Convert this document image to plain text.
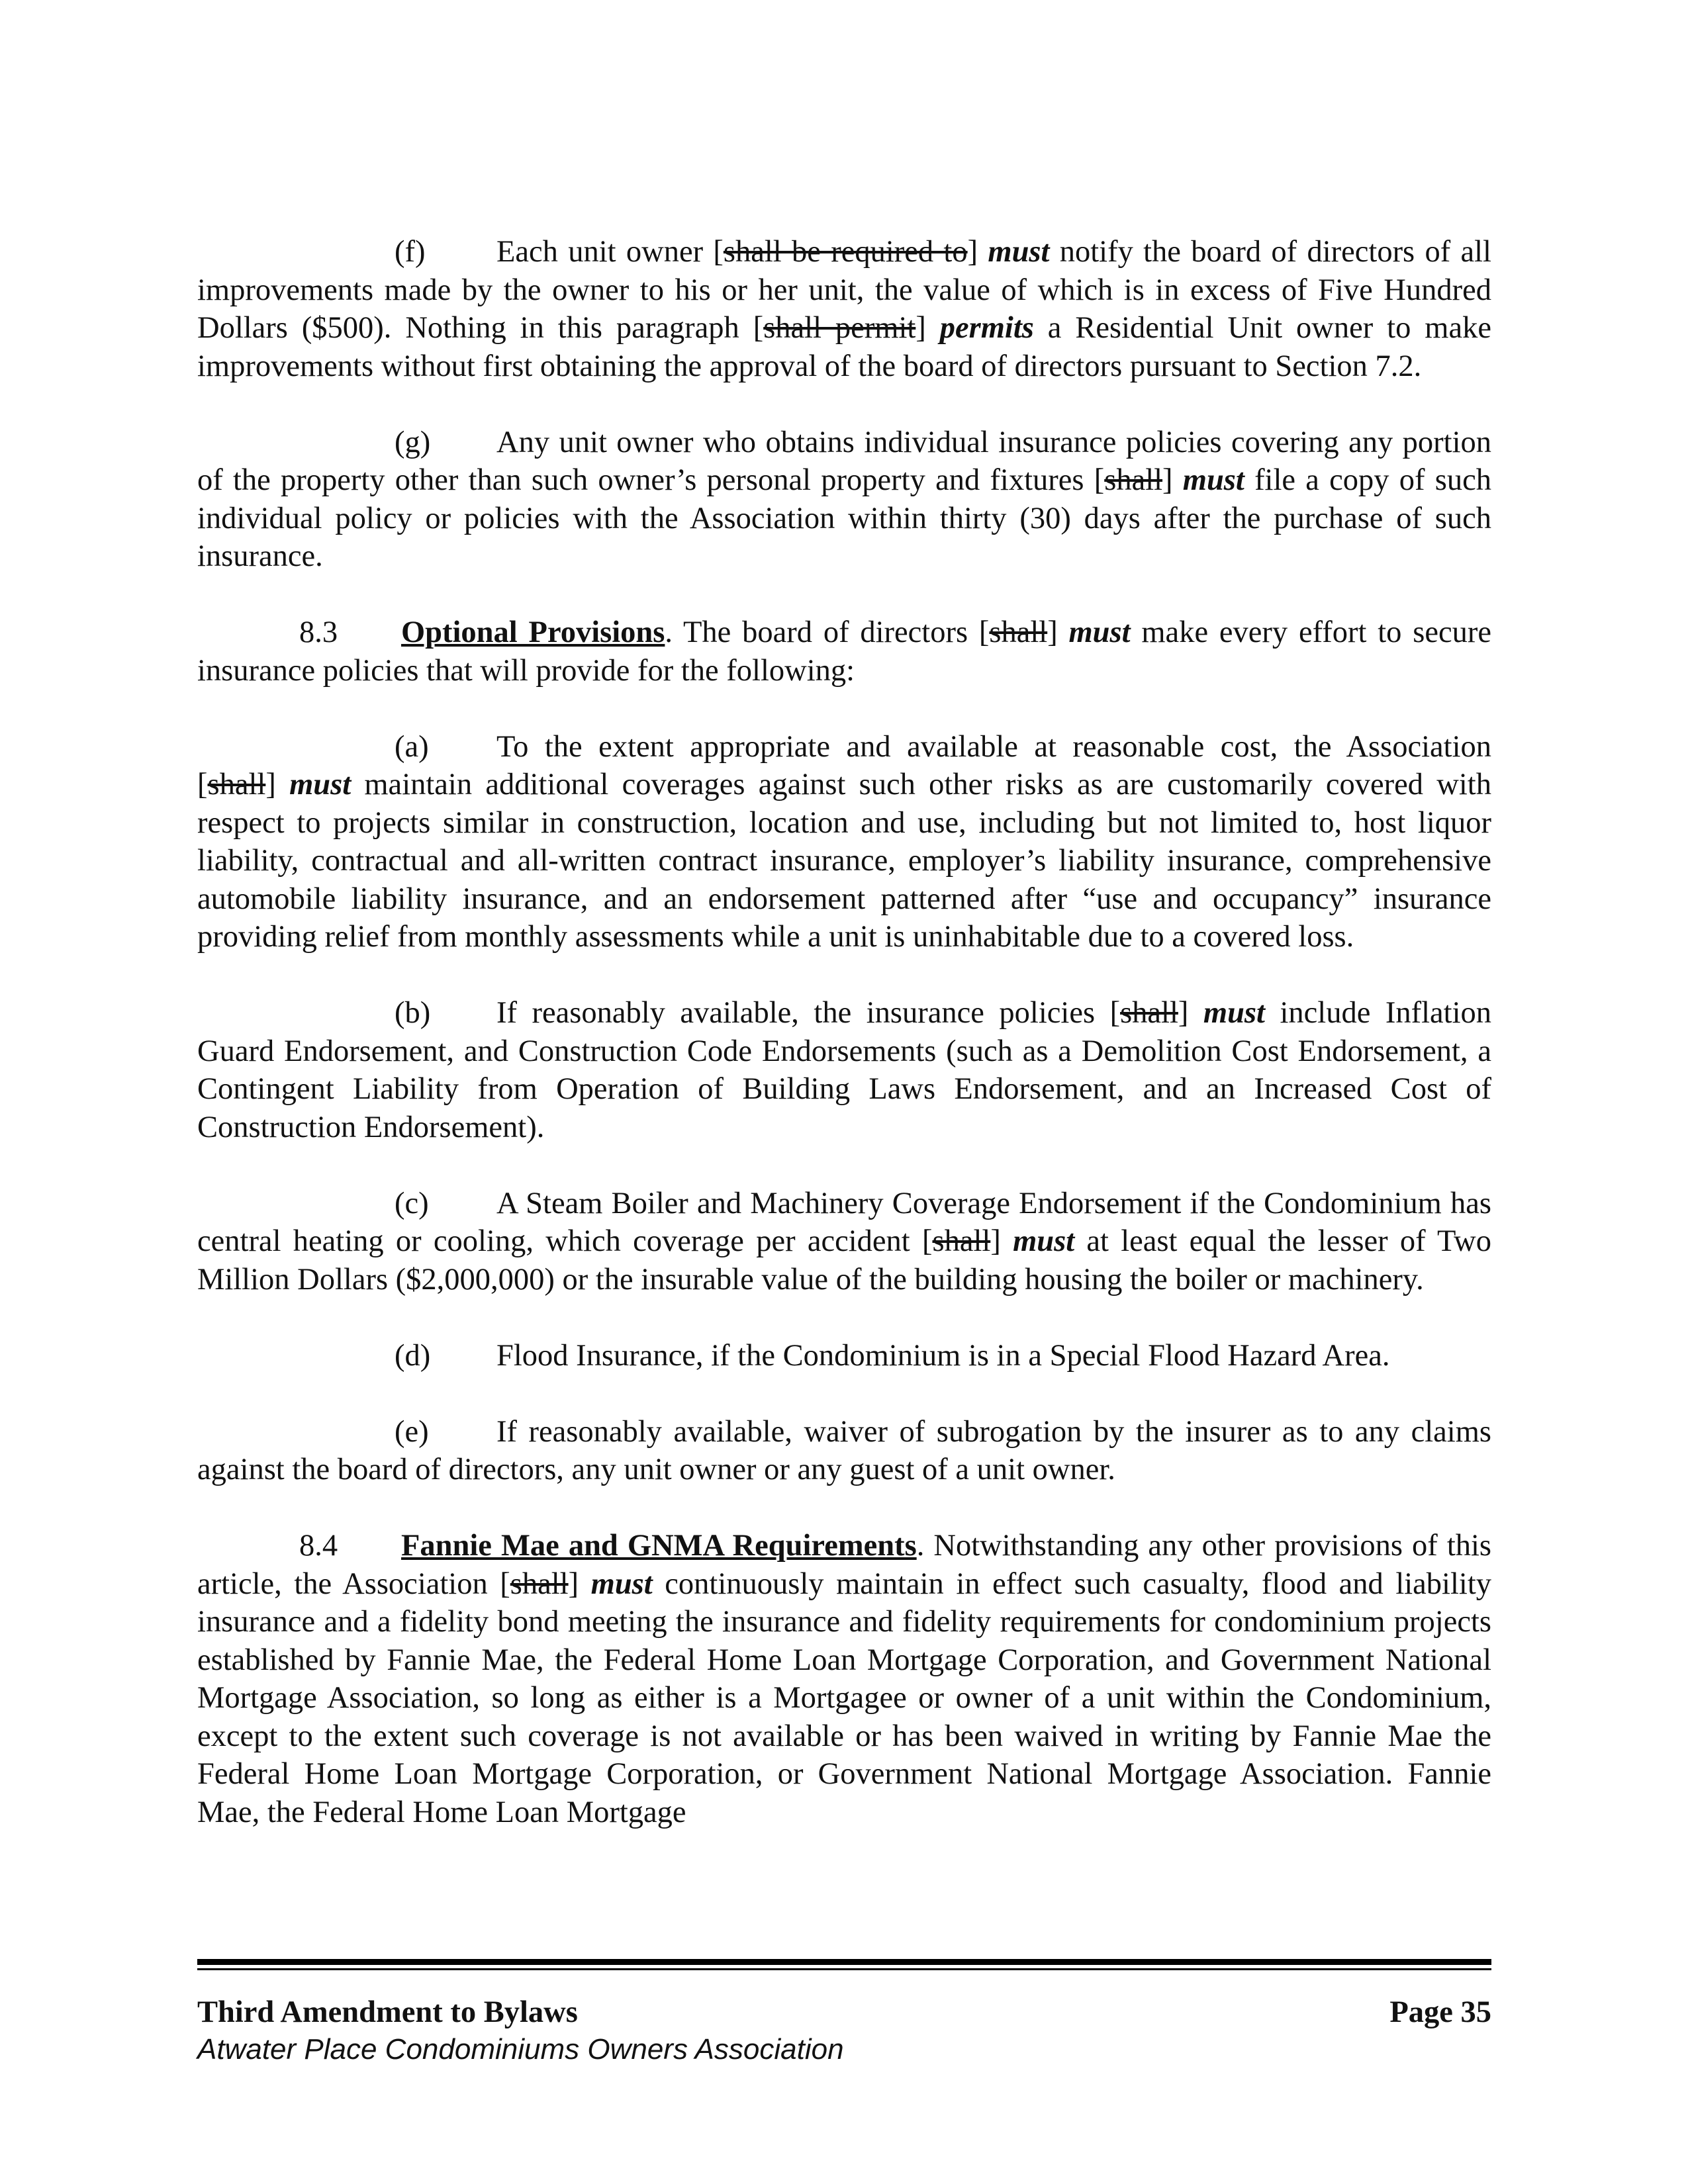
(f) Each unit owner [shall be required to] must notify the board of directors of all improvements made by the owner to his or her unit, the value of which is in excess of Five Hundred Dollars ($500). Nothing in this paragraph [shall permit] permits a Residential Unit owner to make improvements without first obtaining the approval of the board of directors pursuant to Section 7.2.

(g) Any unit owner who obtains individual insurance policies covering any portion of the property other than such owner’s personal property and fixtures [shall] must file a copy of such individual policy or policies with the Association within thirty (30) days after the purchase of such insurance.

8.3 Optional Provisions. The board of directors [shall] must make every effort to secure insurance policies that will provide for the following:

(a) To the extent appropriate and available at reasonable cost, the Association [shall] must maintain additional coverages against such other risks as are customarily covered with respect to projects similar in construction, location and use, including but not limited to, host liquor liability, contractual and all-written contract insurance, employer’s liability insurance, comprehensive automobile liability insurance, and an endorsement patterned after “use and occupancy” insurance providing relief from monthly assessments while a unit is uninhabitable due to a covered loss.

(b) If reasonably available, the insurance policies [shall] must include Inflation Guard Endorsement, and Construction Code Endorsements (such as a Demolition Cost Endorsement, a Contingent Liability from Operation of Building Laws Endorsement, and an Increased Cost of Construction Endorsement).

(c) A Steam Boiler and Machinery Coverage Endorsement if the Condominium has central heating or cooling, which coverage per accident [shall] must at least equal the lesser of Two Million Dollars ($2,000,000) or the insurable value of the building housing the boiler or machinery.

(d) Flood Insurance, if the Condominium is in a Special Flood Hazard Area.

(e) If reasonably available, waiver of subrogation by the insurer as to any claims against the board of directors, any unit owner or any guest of a unit owner.

8.4 Fannie Mae and GNMA Requirements. Notwithstanding any other provisions of this article, the Association [shall] must continuously maintain in effect such casualty, flood and liability insurance and a fidelity bond meeting the insurance and fidelity requirements for condominium projects established by Fannie Mae, the Federal Home Loan Mortgage Corporation, and Government National Mortgage Association, so long as either is a Mortgagee or owner of a unit within the Condominium, except to the extent such coverage is not available or has been waived in writing by Fannie Mae the Federal Home Loan Mortgage Corporation, or Government National Mortgage Association. Fannie Mae, the Federal Home Loan Mortgage

Third Amendment to Bylaws	Page 35
Atwater Place Condominiums Owners Association
